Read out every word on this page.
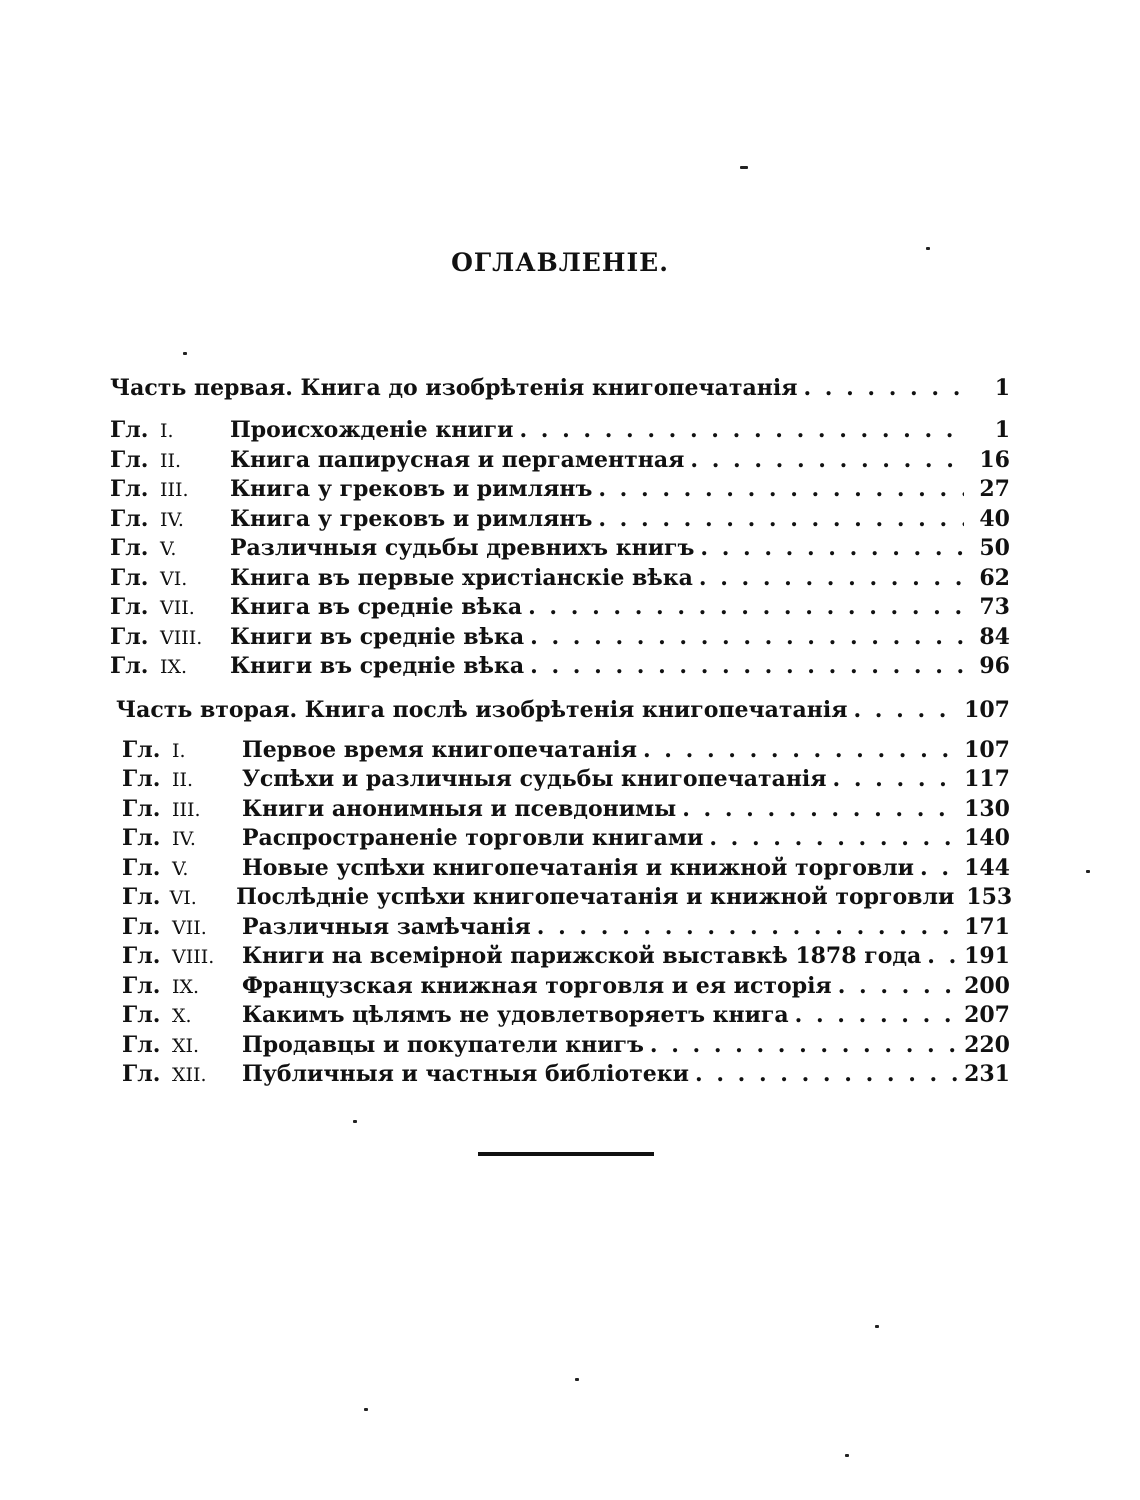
ОГЛАВЛЕНІЕ.
Часть первая. Книга до изобрѣтенія книгопечатанія . . .	1
Гл. I.	Происхожденіе книги . . .	1
Гл. II.	Книга папирусная и пергаментная . . .	16
Гл. III.	Книга у грековъ и римлянъ . . .	27
Гл. IV.	Книга у грековъ и римлянъ . . .	40
Гл. V.	Различныя судьбы древнихъ книгъ . . .	50
Гл. VI.	Книга въ первые христіанскіе вѣка . . .	62
Гл. VII.	Книга въ средніе вѣка . . .	73
Гл. VIII.	Книги въ средніе вѣка . . .	84
Гл. IX.	Книги въ средніе вѣка . . .	96
Часть вторая. Книга послѣ изобрѣтенія книгопечатанія . . .	107
Гл. I.	Первое время книгопечатанія . . .	107
Гл. II.	Успѣхи и различныя судьбы книгопечатанія . . .	117
Гл. III.	Книги анонимныя и псевдонимы . . .	130
Гл. IV.	Распространеніе торговли книгами . . .	140
Гл. V.	Новые успѣхи книгопечатанія и книжной торговли . . . 144
Гл. VI.	Послѣдніе успѣхи книгопечатанія и книжной торговли 153
Гл. VII.	Различныя замѣчанія . . .	171
Гл. VIII.	Книги на всемірной парижской выставкѣ 1878 года . . . 191
Гл. IX.	Французская книжная торговля и ея исторія . . .	200
Гл. X.	Какимъ цѣлямъ не удовлетворяетъ книга . . .	207
Гл. XI.	Продавцы и покупатели книгъ . . .	220
Гл. XII.	Публичныя и частныя библіотеки . . .	231
